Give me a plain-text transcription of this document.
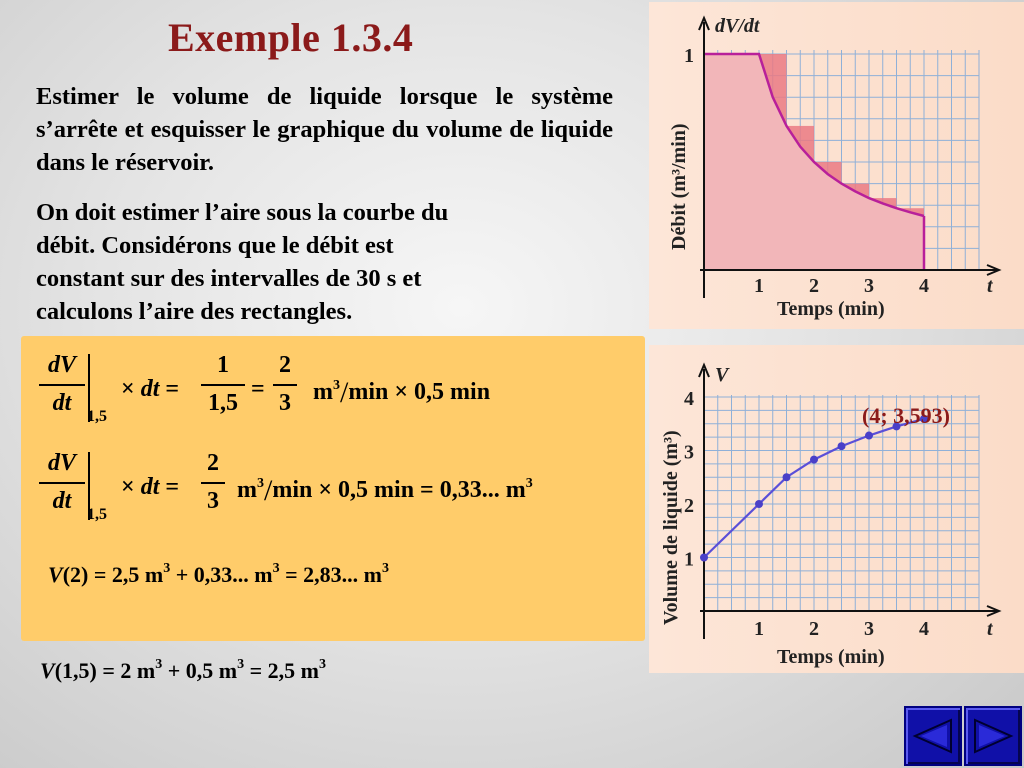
Exemple 1.3.4
Estimer le volume de liquide lorsque le système s’arrête et esquisser le graphique du volume de liquide dans le réservoir.
On doit estimer l’aire sous la courbe du
débit. Considérons que le débit est
constant sur des intervalles de 30 s et
calculons l’aire des rectangles.
dV
dt
1,5
× dt =
1
1,5
=
2
3 $m^3/\min \times 0,5$ min
dV
dt
1,5
× dt =
2
3 $m^3/\min \times 0,5$ min = 0,33... $m^3$
V(2) = 2,5 $m^3 + 0,33$... $m^3 = 2,83$... $m^3$
V(1,5) = 2 $m^3 + 0,5$ $m^3 = 2,5$ $m^3$
1 2 3 4
1
t
dV/dt
Temps (min)
Débit (m³/min)
1 2 3 4
1
2
3
4
t
V
Temps (min)
Volume de liquide (m³)
(4; 3,593)
